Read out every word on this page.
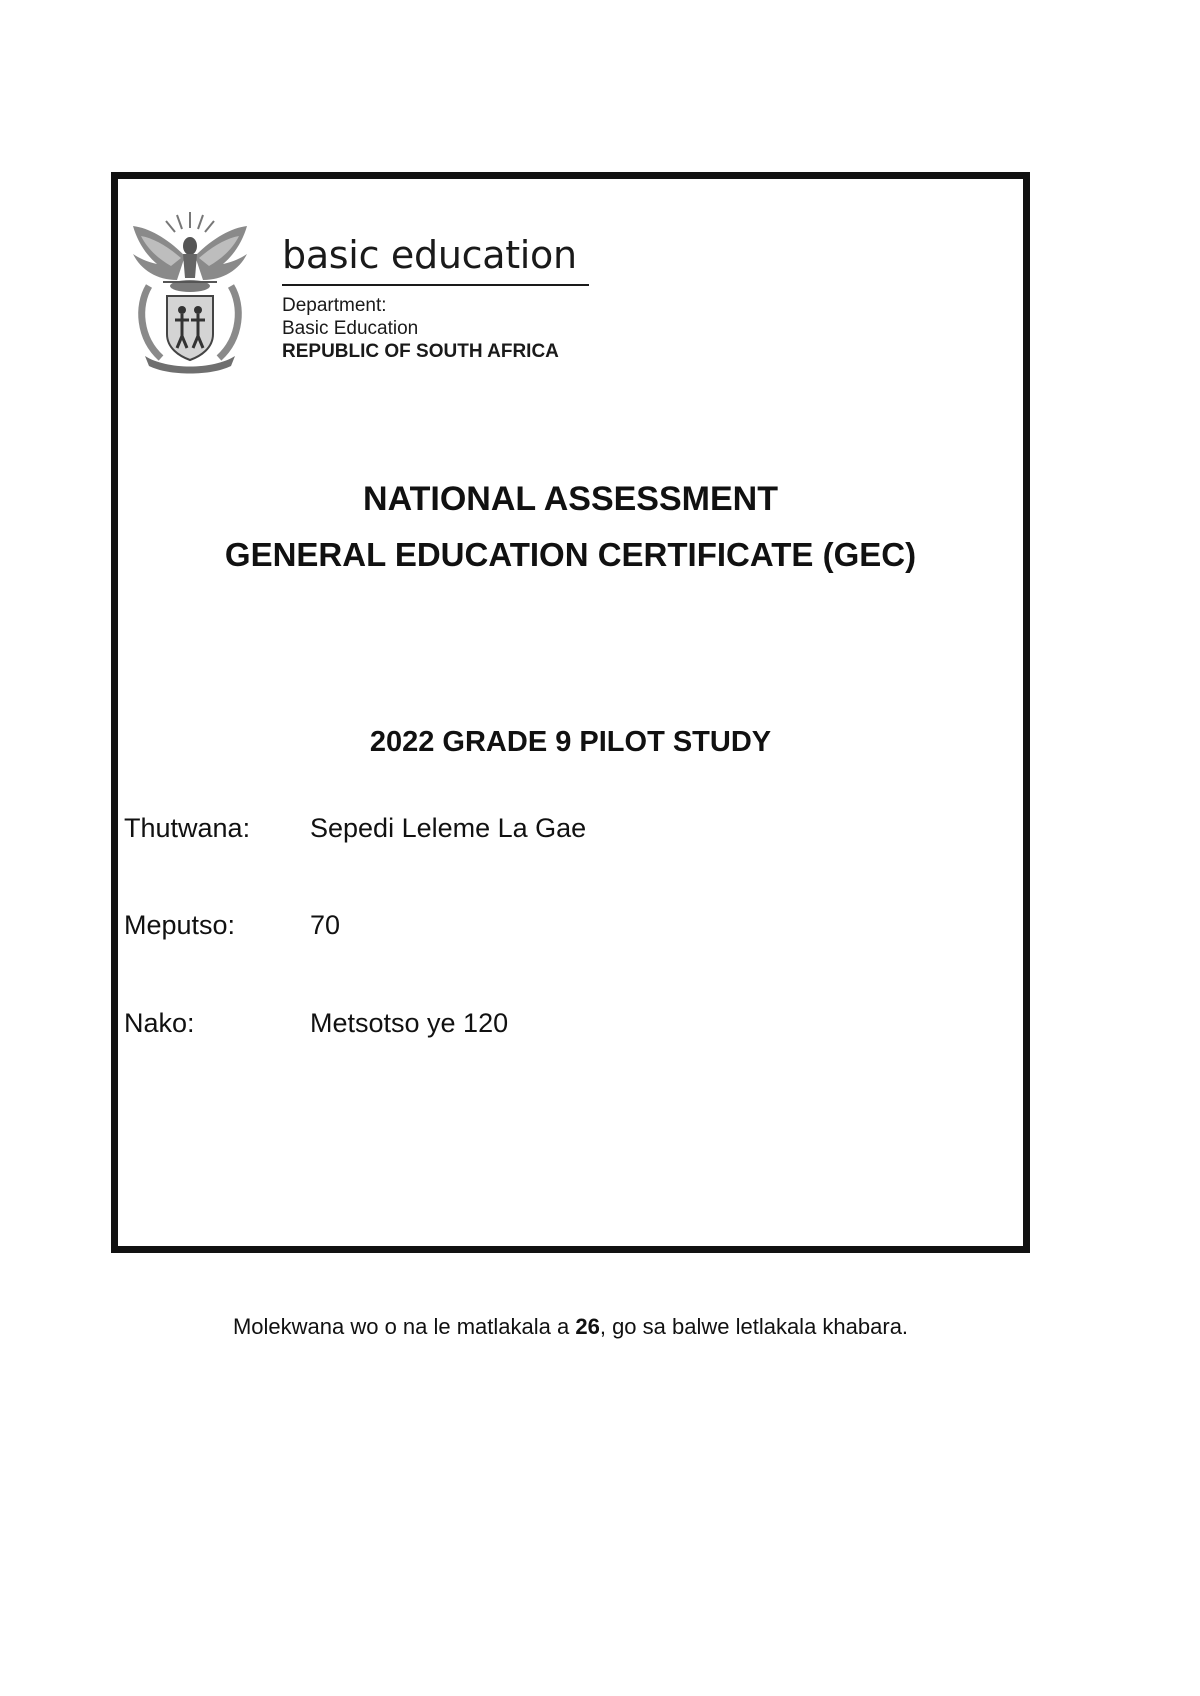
basic education
Department:
Basic Education
REPUBLIC OF SOUTH AFRICA
NATIONAL ASSESSMENT
GENERAL EDUCATION CERTIFICATE (GEC)
2022 GRADE 9 PILOT STUDY
Thutwana: Sepedi Leleme La Gae
Meputso:	70
Nako:	Metsotso ye 120
Molekwana wo o na le matlakala a 26, go sa balwe letlakala khabara.
